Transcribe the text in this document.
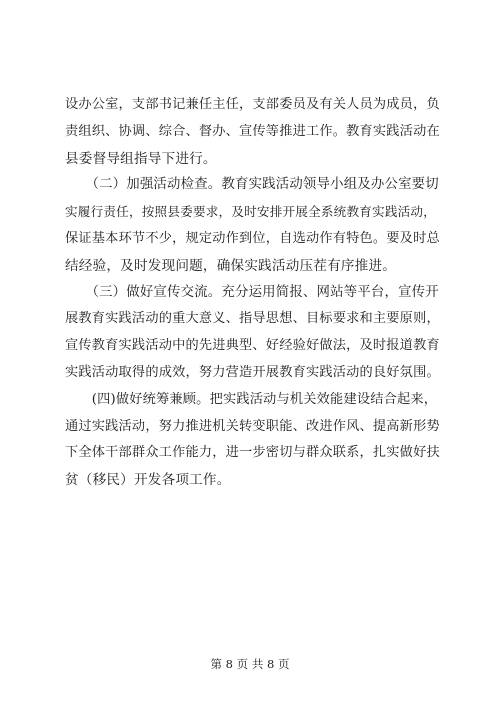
设办公室，支部书记兼任主任，支部委员及有关人员为成员，负
责组织、协调、综合、督办、宣传等推进工作。教育实践活动在
县委督导组指导下进行。

　　（二）加强活动检查。教育实践活动领导小组及办公室要切
实履行责任，按照县委要求，及时安排开展全系统教育实践活动，
保证基本环节不少，规定动作到位，自选动作有特色。要及时总
结经验，及时发现问题，确保实践活动压茬有序推进。

　　（三）做好宣传交流。充分运用简报、网站等平台，宣传开
展教育实践活动的重大意义、指导思想、目标要求和主要原则，
宣传教育实践活动中的先进典型、好经验好做法，及时报道教育
实践活动取得的成效，努力营造开展教育实践活动的良好氛围。

　　(四)做好统筹兼顾。把实践活动与机关效能建设结合起来，
通过实践活动，努力推进机关转变职能、改进作风、提高新形势
下全体干部群众工作能力，进一步密切与群众联系，扎实做好扶
贫（移民）开发各项工作。

第 8 页 共 8 页
